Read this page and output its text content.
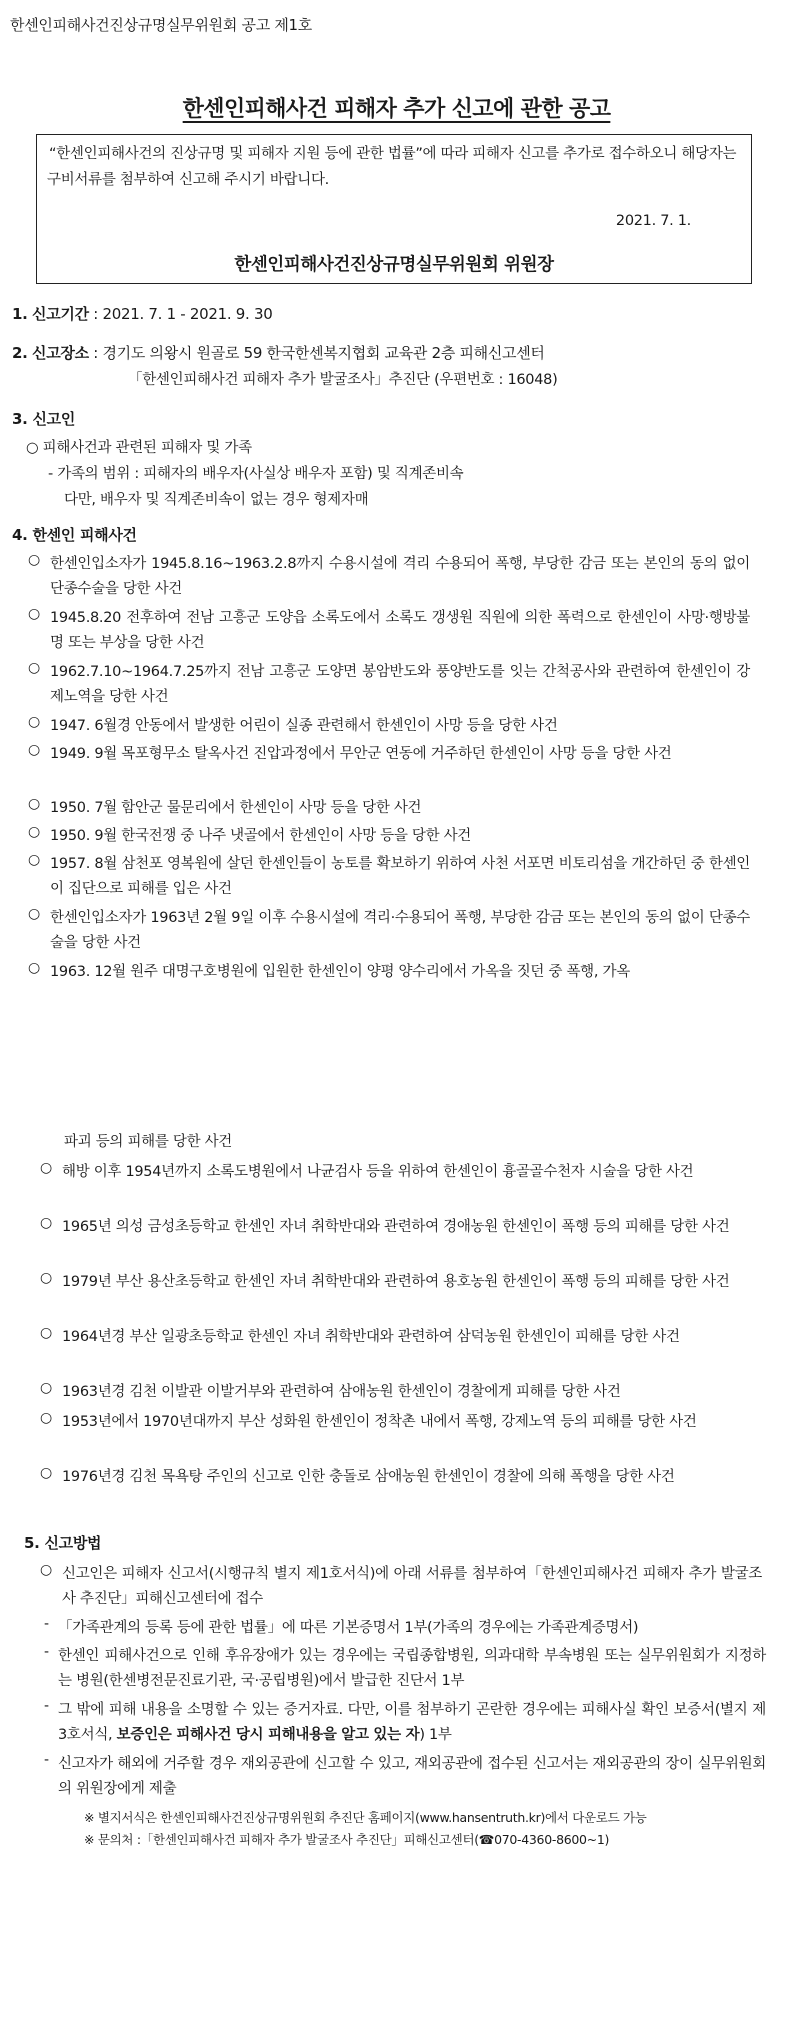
한센인피해사건진상규명실무위원회 공고 제1호
한센인피해사건 피해자 추가 신고에 관한 공고
“한센인피해사건의 진상규명 및 피해자 지원 등에 관한 법률”에 따라 피해자 신고를 추가로 접수하오니 해당자는 구비서류를 첨부하여 신고해 주시기 바랍니다.
2021. 7. 1.
한센인피해사건진상규명실무위원회 위원장
1. 신고기간 : 2021. 7. 1 - 2021. 9. 30
2. 신고장소 : 경기도 의왕시 원골로 59 한국한센복지협회 교육관 2층 피해신고센터
「한센인피해사건 피해자 추가 발굴조사」추진단 (우편번호 : 16048)
3. 신고인
○ 피해사건과 관련된 피해자 및 가족
- 가족의 범위 : 피해자의 배우자(사실상 배우자 포함) 및 직계존비속
다만, 배우자 및 직계존비속이 없는 경우 형제자매
4. 한센인 피해사건
○ 한센인입소자가 1945.8.16~1963.2.8까지 수용시설에 격리 수용되어 폭행, 부당한 감금 또는 본인의 동의 없이 단종수술을 당한 사건
○ 1945.8.20 전후하여 전남 고흥군 도양읍 소록도에서 소록도 갱생원 직원에 의한 폭력으로 한센인이 사망·행방불명 또는 부상을 당한 사건
○ 1962.7.10~1964.7.25까지 전남 고흥군 도양면 봉암반도와 풍양반도를 잇는 간척공사와 관련하여 한센인이 강제노역을 당한 사건
○ 1947. 6월경 안동에서 발생한 어린이 실종 관련해서 한센인이 사망 등을 당한 사건
○ 1949. 9월 목포형무소 탈옥사건 진압과정에서 무안군 연동에 거주하던 한센인이 사망 등을 당한 사건
○ 1950. 7월 함안군 물문리에서 한센인이 사망 등을 당한 사건
○ 1950. 9월 한국전쟁 중 나주 냇골에서 한센인이 사망 등을 당한 사건
○ 1957. 8월 삼천포 영복원에 살던 한센인들이 농토를 확보하기 위하여 사천 서포면 비토리섬을 개간하던 중 한센인이 집단으로 피해를 입은 사건
○ 한센인입소자가 1963년 2월 9일 이후 수용시설에 격리·수용되어 폭행, 부당한 감금 또는 본인의 동의 없이 단종수술을 당한 사건
○ 1963. 12월 원주 대명구호병원에 입원한 한센인이 양평 양수리에서 가옥을 짓던 중 폭행, 가옥
파괴 등의 피해를 당한 사건
○ 해방 이후 1954년까지 소록도병원에서 나균검사 등을 위하여 한센인이 흉골골수천자 시술을 당한 사건
○ 1965년 의성 금성초등학교 한센인 자녀 취학반대와 관련하여 경애농원 한센인이 폭행 등의 피해를 당한 사건
○ 1979년 부산 용산초등학교 한센인 자녀 취학반대와 관련하여 용호농원 한센인이 폭행 등의 피해를 당한 사건
○ 1964년경 부산 일광초등학교 한센인 자녀 취학반대와 관련하여 삼덕농원 한센인이 피해를 당한 사건
○ 1963년경 김천 이발관 이발거부와 관련하여 삼애농원 한센인이 경찰에게 피해를 당한 사건
○ 1953년에서 1970년대까지 부산 성화원 한센인이 정착촌 내에서 폭행, 강제노역 등의 피해를 당한 사건
○ 1976년경 김천 목욕탕 주인의 신고로 인한 충돌로 삼애농원 한센인이 경찰에 의해 폭행을 당한 사건
5. 신고방법
○ 신고인은 피해자 신고서(시행규칙 별지 제1호서식)에 아래 서류를 첨부하여「한센인피해사건 피해자 추가 발굴조사 추진단」피해신고센터에 접수
- 「가족관계의 등록 등에 관한 법률」에 따른 기본증명서 1부(가족의 경우에는 가족관계증명서)
- 한센인 피해사건으로 인해 후유장애가 있는 경우에는 국립종합병원, 의과대학 부속병원 또는 실무위원회가 지정하는 병원(한센병전문진료기관, 국·공립병원)에서 발급한 진단서 1부
- 그 밖에 피해 내용을 소명할 수 있는 증거자료. 다만, 이를 첨부하기 곤란한 경우에는 피해사실 확인 보증서(별지 제3호서식, 보증인은 피해사건 당시 피해내용을 알고 있는 자) 1부
- 신고자가 해외에 거주할 경우 재외공관에 신고할 수 있고, 재외공관에 접수된 신고서는 재외공관의 장이 실무위원회의 위원장에게 제출
※ 별지서식은 한센인피해사건진상규명위원회 추진단 홈페이지(www.hansentruth.kr)에서 다운로드 가능
※ 문의처 :「한센인피해사건 피해자 추가 발굴조사 추진단」피해신고센터(☎070-4360-8600~1)
